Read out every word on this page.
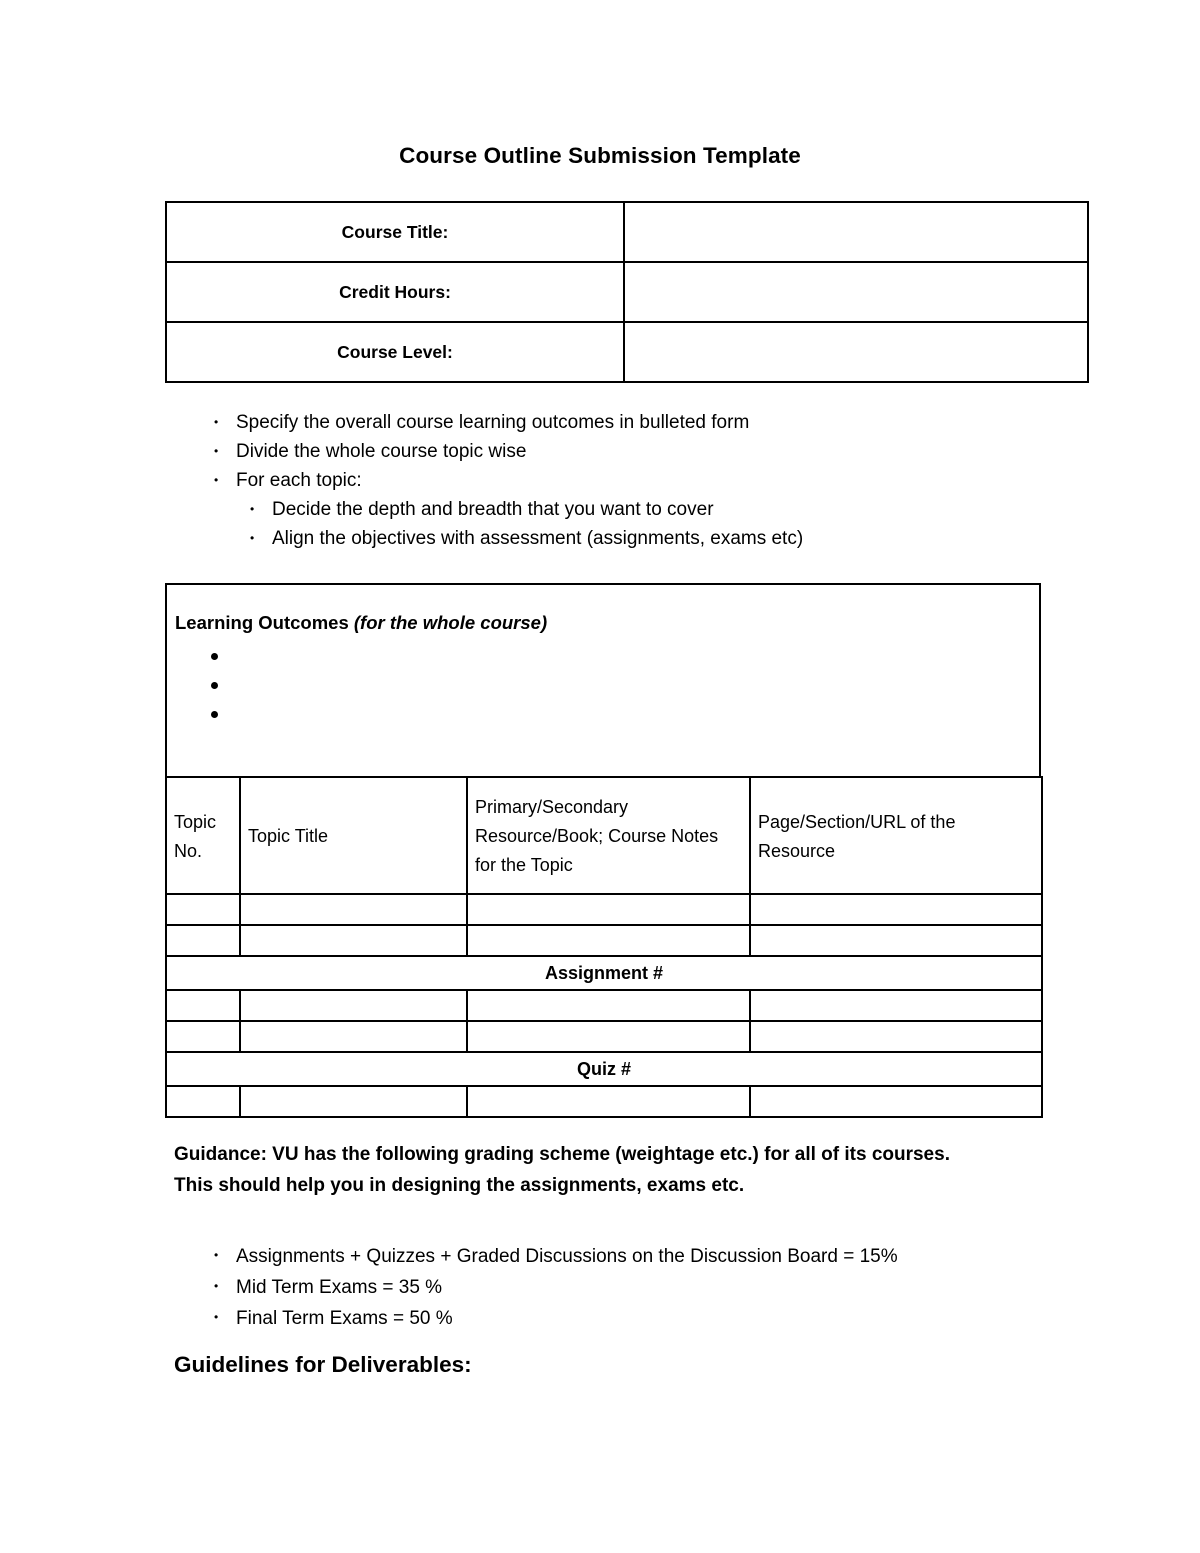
Course Outline Submission Template
Course Title:	
Credit Hours:	
Course Level:	
• Specify the overall course learning outcomes in bulleted form
• Divide the whole course topic wise
• For each topic:
• Decide the depth and breadth that you want to cover
• Align the objectives with assessment (assignments, exams etc)
Learning Outcomes (for the whole course)
Topic No.	Topic Title	Primary/Secondary Resource/Book; Course Notes for the Topic	Page/Section/URL of the Resource

Assignment #			

Quiz #			

Guidance: VU has the following grading scheme (weightage etc.) for all of its courses.
This should help you in designing the assignments, exams etc.
• Assignments + Quizzes + Graded Discussions on the Discussion Board = 15%
• Mid Term Exams = 35 %
• Final Term Exams = 50 %
Guidelines for Deliverables:
